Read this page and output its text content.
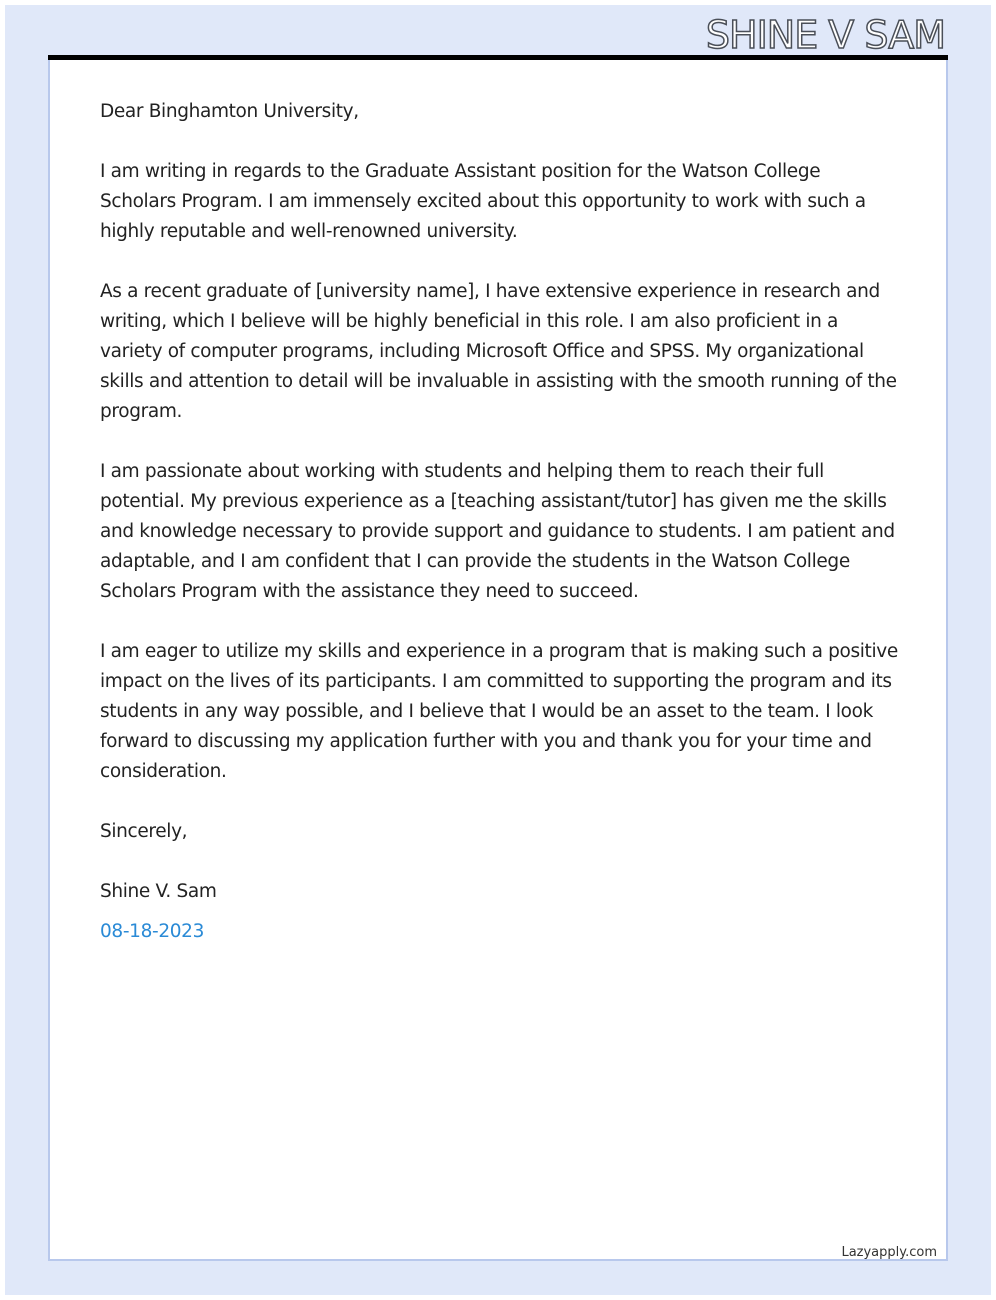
SHINE V SAM

Dear Binghamton University,

I am writing in regards to the Graduate Assistant position for the Watson College Scholars Program. I am immensely excited about this opportunity to work with such a highly reputable and well-renowned university.

As a recent graduate of [university name], I have extensive experience in research and writing, which I believe will be highly beneficial in this role. I am also proficient in a variety of computer programs, including Microsoft Office and SPSS. My organizational skills and attention to detail will be invaluable in assisting with the smooth running of the program.

I am passionate about working with students and helping them to reach their full potential. My previous experience as a [teaching assistant/tutor] has given me the skills and knowledge necessary to provide support and guidance to students. I am patient and adaptable, and I am confident that I can provide the students in the Watson College Scholars Program with the assistance they need to succeed.

I am eager to utilize my skills and experience in a program that is making such a positive impact on the lives of its participants. I am committed to supporting the program and its students in any way possible, and I believe that I would be an asset to the team. I look forward to discussing my application further with you and thank you for your time and consideration.

Sincerely,

Shine V. Sam

08-18-2023

Lazyapply.com
